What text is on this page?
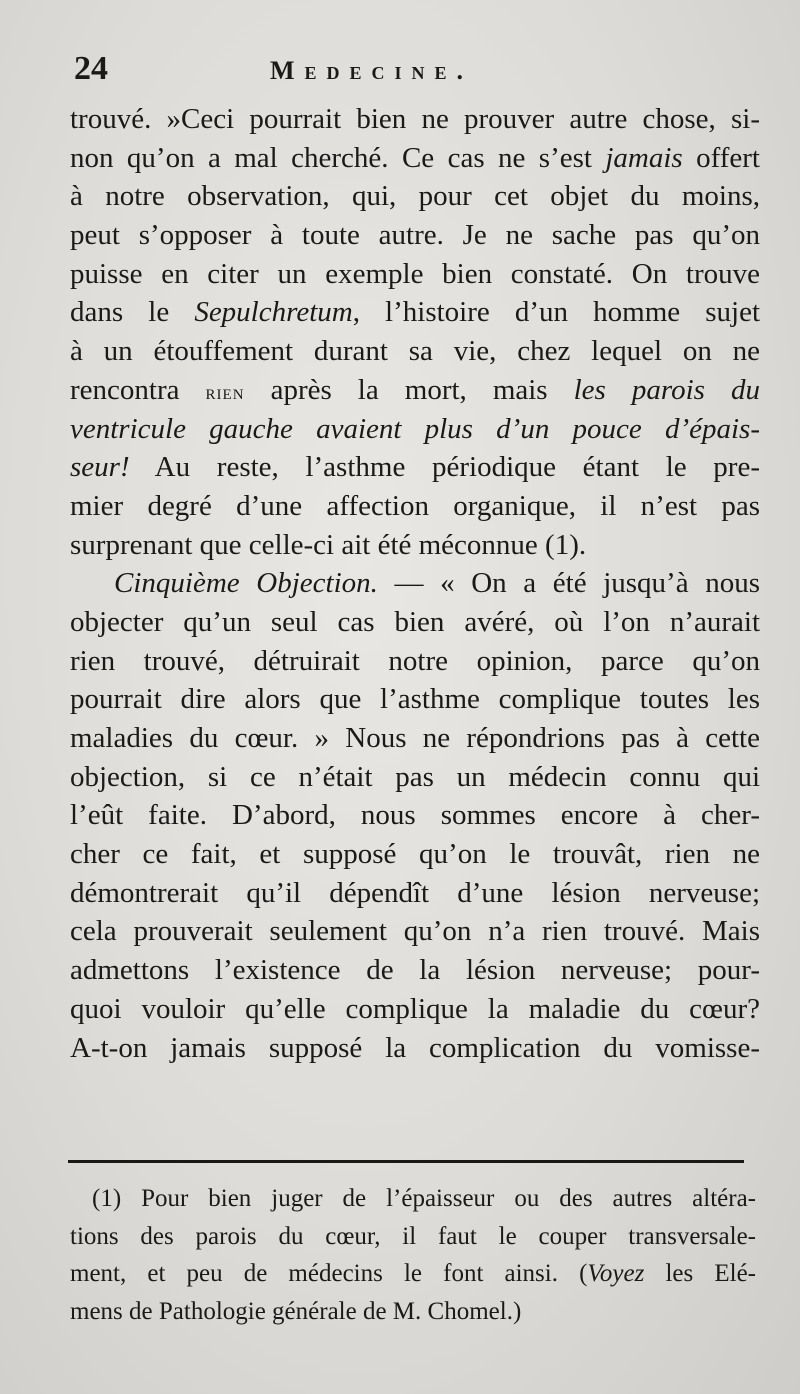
24	Medecine.
trouvé. »Ceci pourrait bien ne prouver autre chose, si-
non qu’on a mal cherché. Ce cas ne s’est jamais offert
à notre observation, qui, pour cet objet du moins,
peut s’opposer à toute autre. Je ne sache pas qu’on
puisse en citer un exemple bien constaté. On trouve
dans le Sepulchretum, l’histoire d’un homme sujet
à un étouffement durant sa vie, chez lequel on ne
rencontra rien après la mort, mais les parois du
ventricule gauche avaient plus d’un pouce d’épais-
seur! Au reste, l’asthme périodique étant le pre-
mier degré d’une affection organique, il n’est pas
surprenant que celle-ci ait été méconnue (1).
Cinquième Objection. — « On a été jusqu’à nous
objecter qu’un seul cas bien avéré, où l’on n’aurait
rien trouvé, détruirait notre opinion, parce qu’on
pourrait dire alors que l’asthme complique toutes les
maladies du cœur. » Nous ne répondrions pas à cette
objection, si ce n’était pas un médecin connu qui
l’eût faite. D’abord, nous sommes encore à cher-
cher ce fait, et supposé qu’on le trouvât, rien ne
démontrerait qu’il dépendît d’une lésion nerveuse;
cela prouverait seulement qu’on n’a rien trouvé. Mais
admettons l’existence de la lésion nerveuse; pour-
quoi vouloir qu’elle complique la maladie du cœur?
A-t-on jamais supposé la complication du vomisse-
(1) Pour bien juger de l’épaisseur ou des autres altéra-
tions des parois du cœur, il faut le couper transversale-
ment, et peu de médecins le font ainsi. (Voyez les Elé-
mens de Pathologie générale de M. Chomel.)
